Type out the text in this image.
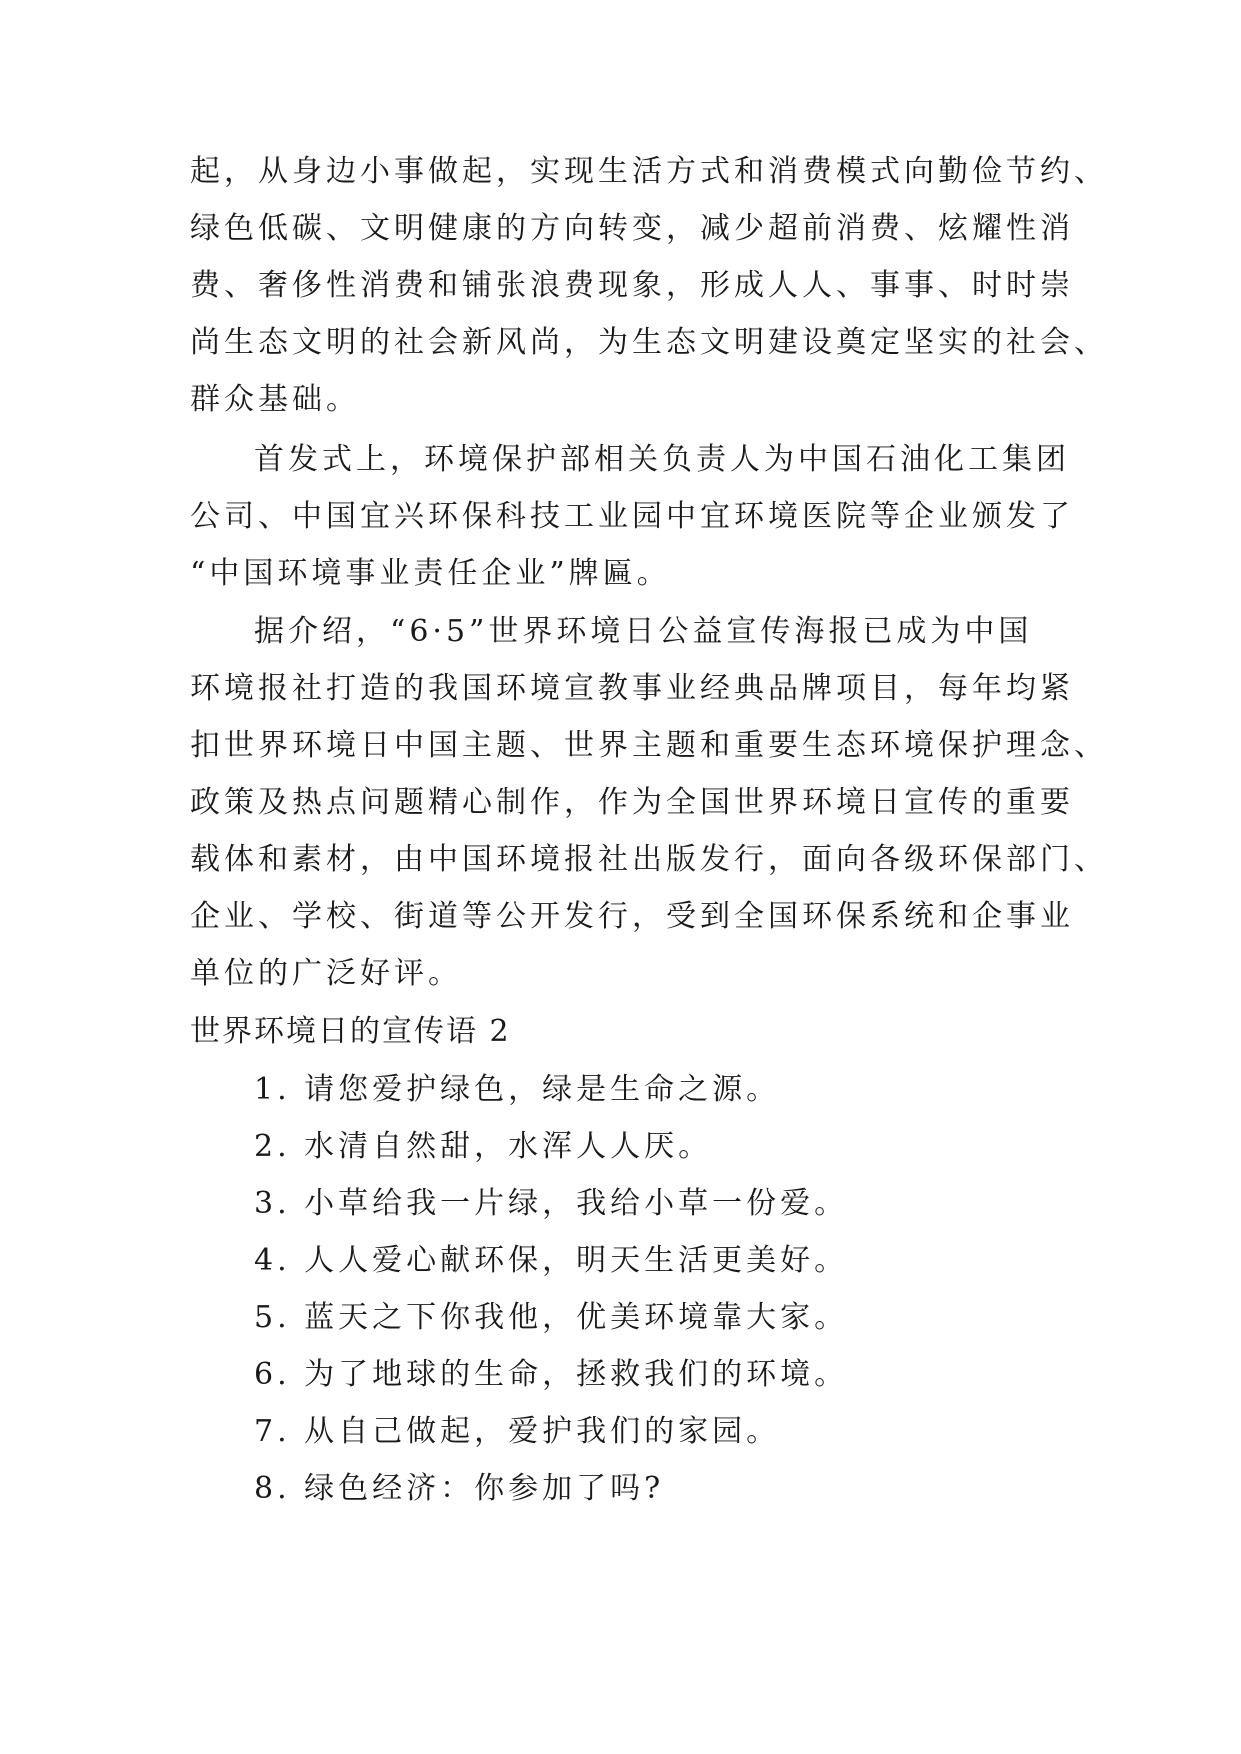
起，从身边小事做起，实现生活方式和消费模式向勤俭节约、
绿色低碳、文明健康的方向转变，减少超前消费、炫耀性消
费、奢侈性消费和铺张浪费现象，形成人人、事事、时时崇
尚生态文明的社会新风尚，为生态文明建设奠定坚实的社会、
群众基础。
首发式上，环境保护部相关负责人为中国石油化工集团
公司、中国宜兴环保科技工业园中宜环境医院等企业颁发了
“中国环境事业责任企业”牌匾。
据介绍，“6·5”世界环境日公益宣传海报已成为中国
环境报社打造的我国环境宣教事业经典品牌项目，每年均紧
扣世界环境日中国主题、世界主题和重要生态环境保护理念、
政策及热点问题精心制作，作为全国世界环境日宣传的重要
载体和素材，由中国环境报社出版发行，面向各级环保部门、
企业、学校、街道等公开发行，受到全国环保系统和企事业
单位的广泛好评。
世界环境日的宣传语 2
1. 请您爱护绿色，绿是生命之源。
2. 水清自然甜，水浑人人厌。
3. 小草给我一片绿，我给小草一份爱。
4. 人人爱心献环保，明天生活更美好。
5. 蓝天之下你我他，优美环境靠大家。
6. 为了地球的生命，拯救我们的环境。
7. 从自己做起，爱护我们的家园。
8. 绿色经济：你参加了吗?
